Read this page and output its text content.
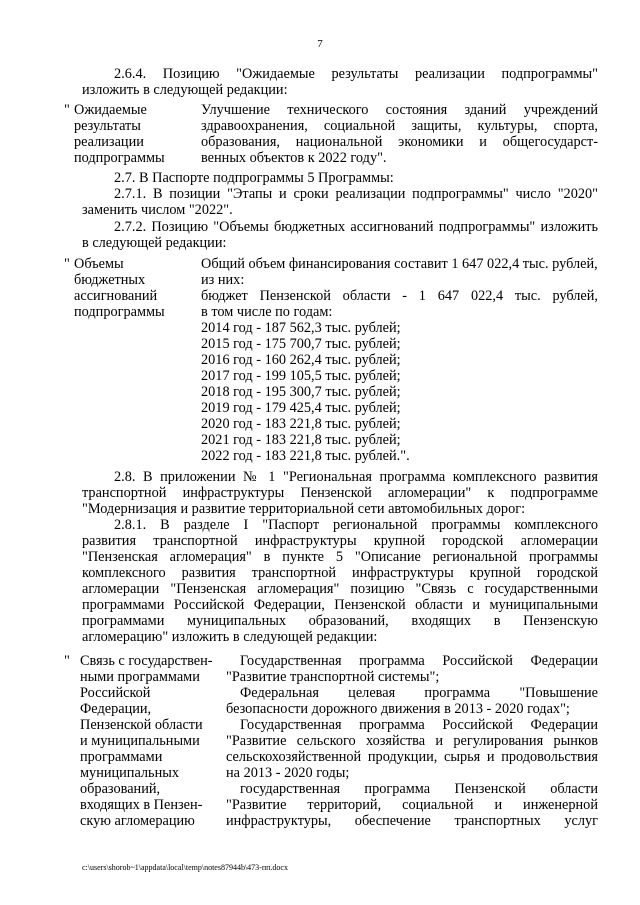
7
2.6.4. Позицию "Ожидаемые результаты реализации подпрограммы"
изложить в следующей редакции:
" Ожидаемые
результаты
реализации
подпрограммы
Улучшение технического состояния зданий учреждений
здравоохранения, социальной защиты, культуры, спорта,
образования, национальной экономики и общегосударст-
венных объектов к 2022 году".
2.7. В Паспорте подпрограммы 5 Программы:
2.7.1. В позиции "Этапы и сроки реализации подпрограммы" число "2020"
заменить числом "2022".
2.7.2. Позицию "Объемы бюджетных ассигнований подпрограммы" изложить
в следующей редакции:
" Объемы
бюджетных
ассигнований
подпрограммы
Общий объем финансирования составит 1 647 022,4 тыс. рублей,
из них:
бюджет Пензенской области - 1 647 022,4 тыс. рублей,
в том числе по годам:
2014 год - 187 562,3 тыс. рублей;
2015 год - 175 700,7 тыс. рублей;
2016 год - 160 262,4 тыс. рублей;
2017 год - 199 105,5 тыс. рублей;
2018 год - 195 300,7 тыс. рублей;
2019 год - 179 425,4 тыс. рублей;
2020 год - 183 221,8 тыс. рублей;
2021 год - 183 221,8 тыс. рублей;
2022 год - 183 221,8 тыс. рублей.".
2.8. В приложении № 1 "Региональная программа комплексного развития
транспортной инфраструктуры Пензенской агломерации" к подпрограмме
"Модернизация и развитие территориальной сети автомобильных дорог:
2.8.1. В разделе I "Паспорт региональной программы комплексного
развития транспортной инфраструктуры крупной городской агломерации
"Пензенская агломерация" в пункте 5 "Описание региональной программы
комплексного развития транспортной инфраструктуры крупной городской
агломерации "Пензенская агломерация" позицию "Связь с государственными
программами Российской Федерации, Пензенской области и муниципальными
программами муниципальных образований, входящих в Пензенскую
агломерацию" изложить в следующей редакции:
" Связь с государствен-
ными программами
Российской
Федерации,
Пензенской области
и муниципальными
программами
муниципальных
образований,
входящих в Пензен-
скую агломерацию
Государственная программа Российской Федерации
"Развитие транспортной системы";
Федеральная целевая программа "Повышение
безопасности дорожного движения в 2013 - 2020 годах";
Государственная программа Российской Федерации
"Развитие сельского хозяйства и регулирования рынков
сельскохозяйственной продукции, сырья и продовольствия
на 2013 - 2020 годы;
государственная программа Пензенской области
"Развитие территорий, социальной и инженерной
инфраструктуры, обеспечение транспортных услуг
c:\users\shorob~1\appdata\local\temp\notes87944b\473-пп.docx
